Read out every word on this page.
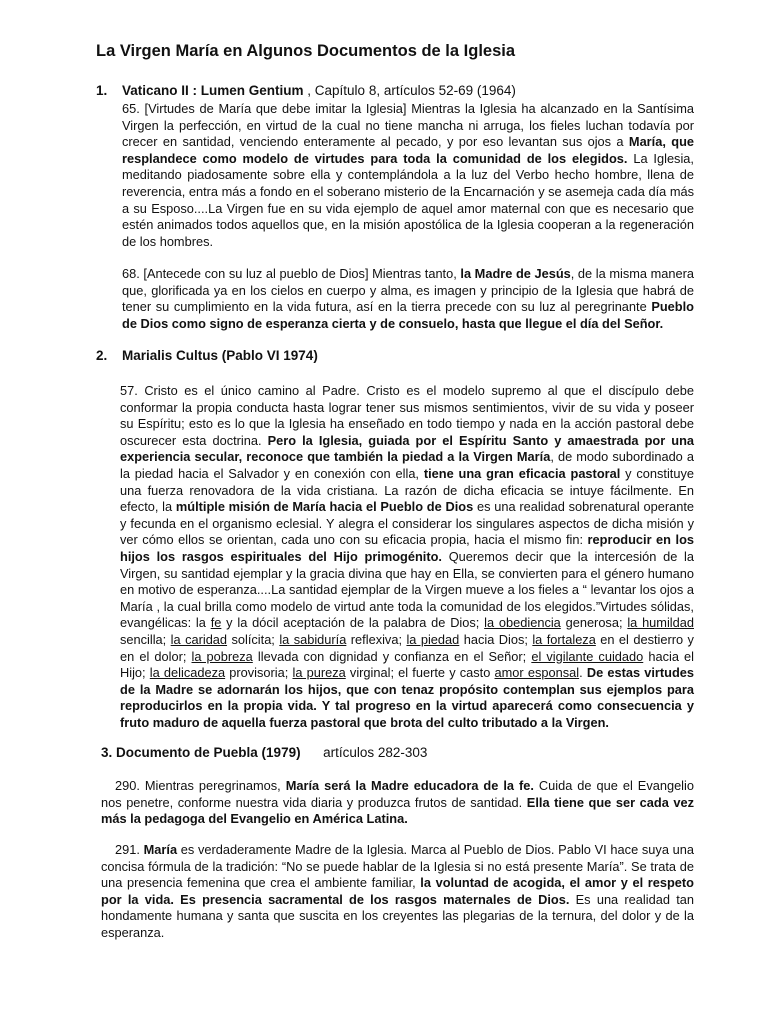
La Virgen María en Algunos Documentos de la Iglesia
1. Vaticano II : Lumen Gentium , Capítulo 8, artículos 52-69 (1964)
65. [Virtudes de María que debe imitar la Iglesia] Mientras la Iglesia ha alcanzado en la Santísima Virgen la perfección, en virtud de la cual no tiene mancha ni arruga, los fieles luchan todavía por crecer en santidad, venciendo enteramente al pecado, y por eso levantan sus ojos a María, que resplandece como modelo de virtudes para toda la comunidad de los elegidos. La Iglesia, meditando piadosamente sobre ella y contemplándola a la luz del Verbo hecho hombre, llena de reverencia, entra más a fondo en el soberano misterio de la Encarnación y se asemeja cada día más a su Esposo....La Virgen fue en su vida ejemplo de aquel amor maternal con que es necesario que estén animados todos aquellos que, en la misión apostólica de la Iglesia cooperan a la regeneración de los hombres.
68. [Antecede con su luz al pueblo de Dios] Mientras tanto, la Madre de Jesús, de la misma manera que, glorificada ya en los cielos en cuerpo y alma, es imagen y principio de la Iglesia que habrá de tener su cumplimiento en la vida futura, así en la tierra precede con su luz al peregrinante Pueblo de Dios como signo de esperanza cierta y de consuelo, hasta que llegue el día del Señor.
2. Marialis Cultus (Pablo VI 1974)
57. Cristo es el único camino al Padre. Cristo es el modelo supremo al que el discípulo debe conformar la propia conducta hasta lograr tener sus mismos sentimientos, vivir de su vida y poseer su Espíritu; esto es lo que la Iglesia ha enseñado en todo tiempo y nada en la acción pastoral debe oscurecer esta doctrina. Pero la Iglesia, guiada por el Espíritu Santo y amaestrada por una experiencia secular, reconoce que también la piedad a la Virgen María, de modo subordinado a la piedad hacia el Salvador y en conexión con ella, tiene una gran eficacia pastoral y constituye una fuerza renovadora de la vida cristiana. La razón de dicha eficacia se intuye fácilmente. En efecto, la múltiple misión de María hacia el Pueblo de Dios es una realidad sobrenatural operante y fecunda en el organismo eclesial. Y alegra el considerar los singulares aspectos de dicha misión y ver cómo ellos se orientan, cada uno con su eficacia propia, hacia el mismo fin: reproducir en los hijos los rasgos espirituales del Hijo primogénito. Queremos decir que la intercesión de la Virgen, su santidad ejemplar y la gracia divina que hay en Ella, se convierten para el género humano en motivo de esperanza....La santidad ejemplar de la Virgen mueve a los fieles a “ levantar los ojos a María , la cual brilla como modelo de virtud ante toda la comunidad de los elegidos.”Virtudes sólidas, evangélicas: la fe y la dócil aceptación de la palabra de Dios; la obediencia generosa; la humildad sencilla; la caridad solícita; la sabiduría reflexiva; la piedad hacia Dios; la fortaleza en el destierro y en el dolor; la pobreza llevada con dignidad y confianza en el Señor; el vigilante cuidado hacia el Hijo; la delicadeza provisoria; la pureza virginal; el fuerte y casto amor esponsal. De estas virtudes de la Madre se adornarán los hijos, que con tenaz propósito contemplan sus ejemplos para reproducirlos en la propia vida. Y tal progreso en la virtud aparecerá como consecuencia y fruto maduro de aquella fuerza pastoral que brota del culto tributado a la Virgen.
3. Documento de Puebla (1979)      artículos 282-303
290. Mientras peregrinamos, María será la Madre educadora de la fe. Cuida de que el Evangelio nos penetre, conforme nuestra vida diaria y produzca frutos de santidad. Ella tiene que ser cada vez más la pedagoga del Evangelio en América Latina.
291. María es verdaderamente Madre de la Iglesia. Marca al Pueblo de Dios. Pablo VI hace suya una concisa fórmula de la tradición: “No se puede hablar de la Iglesia si no está presente María”. Se trata de una presencia femenina que crea el ambiente familiar, la voluntad de acogida, el amor y el respeto por la vida. Es presencia sacramental de los rasgos maternales de Dios. Es una realidad tan hondamente humana y santa que suscita en los creyentes las plegarias de la ternura, del dolor y de la esperanza.
